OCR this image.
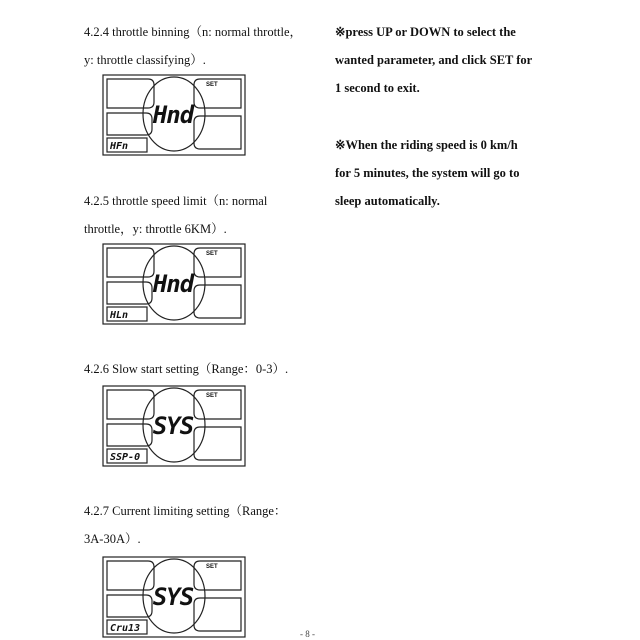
4.2.4 throttle binning（n: normal throttle，
y: throttle classifying）.
SET
Hnd
HFn
4.2.5 throttle speed limit（n: normal
throttle，y: throttle 6KM）.
SET
Hnd
HLn
4.2.6 Slow start setting（Range：0-3）.
SET
SYS
SSP-0
4.2.7 Current limiting setting（Range：
3A-30A）.
SET
SYS
Cru13
※press UP or DOWN to select the
wanted parameter, and click SET for
1 second to exit.
※When the riding speed is 0 km/h
for 5 minutes, the system will go to
sleep automatically.
- 8 -
